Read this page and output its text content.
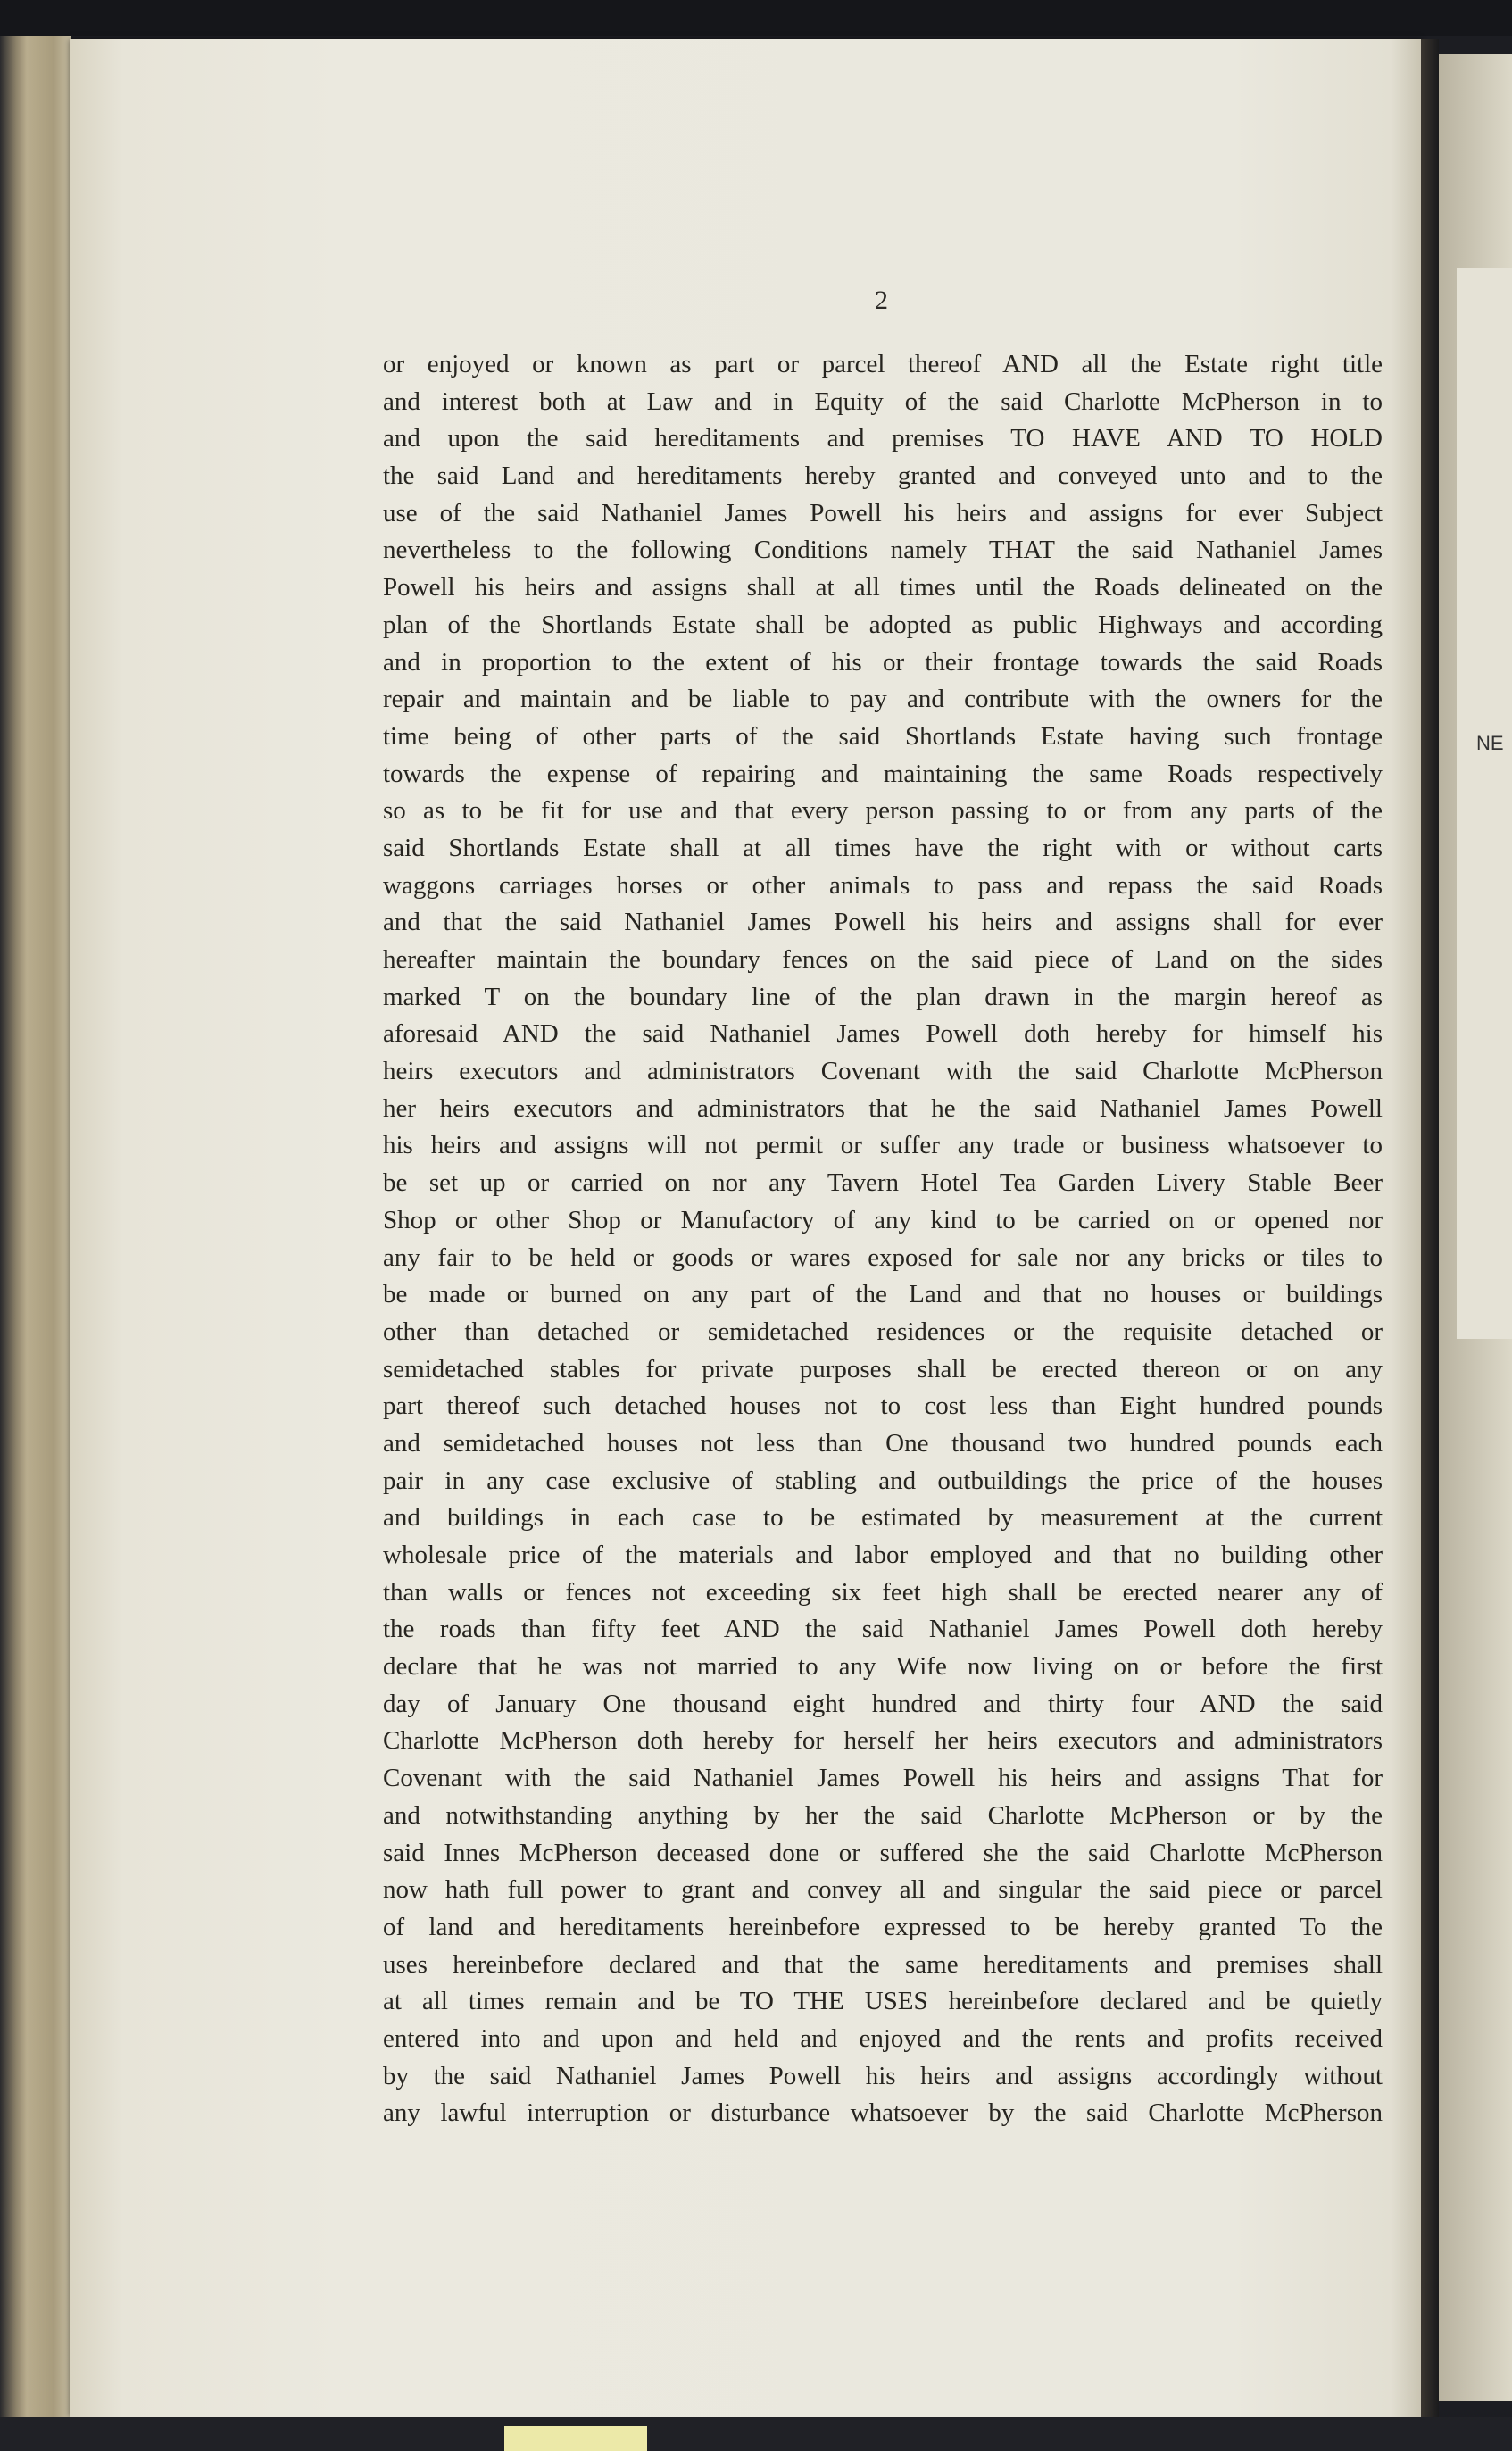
NE
2
or enjoyed or known as part or parcel thereof AND all the Estate right title
and interest both at Law and in Equity of the said Charlotte McPherson in to
and upon the said hereditaments and premises TO HAVE AND TO HOLD
the said Land and hereditaments hereby granted and conveyed unto and to the
use of the said Nathaniel James Powell his heirs and assigns for ever Subject
nevertheless to the following Conditions namely THAT the said Nathaniel James
Powell his heirs and assigns shall at all times until the Roads delineated on the
plan of the Shortlands Estate shall be adopted as public Highways and according
and in proportion to the extent of his or their frontage towards the said Roads
repair and maintain and be liable to pay and contribute with the owners for the
time being of other parts of the said Shortlands Estate having such frontage
towards the expense of repairing and maintaining the same Roads respectively
so as to be fit for use and that every person passing to or from any parts of the
said Shortlands Estate shall at all times have the right with or without carts
waggons carriages horses or other animals to pass and repass the said Roads
and that the said Nathaniel James Powell his heirs and assigns shall for ever
hereafter maintain the boundary fences on the said piece of Land on the sides
marked T on the boundary line of the plan drawn in the margin hereof as
aforesaid AND the said Nathaniel James Powell doth hereby for himself his
heirs executors and administrators Covenant with the said Charlotte McPherson
her heirs executors and administrators that he the said Nathaniel James Powell
his heirs and assigns will not permit or suffer any trade or business whatsoever to
be set up or carried on nor any Tavern Hotel Tea Garden Livery Stable Beer
Shop or other Shop or Manufactory of any kind to be carried on or opened nor
any fair to be held or goods or wares exposed for sale nor any bricks or tiles to
be made or burned on any part of the Land and that no houses or buildings
other than detached or semidetached residences or the requisite detached or
semidetached stables for private purposes shall be erected thereon or on any
part thereof such detached houses not to cost less than Eight hundred pounds
and semidetached houses not less than One thousand two hundred pounds each
pair in any case exclusive of stabling and outbuildings the price of the houses
and buildings in each case to be estimated by measurement at the current
wholesale price of the materials and labor employed and that no building other
than walls or fences not exceeding six feet high shall be erected nearer any of
the roads than fifty feet AND the said Nathaniel James Powell doth hereby
declare that he was not married to any Wife now living on or before the first
day of January One thousand eight hundred and thirty four AND the said
Charlotte McPherson doth hereby for herself her heirs executors and administrators
Covenant with the said Nathaniel James Powell his heirs and assigns That for
and notwithstanding anything by her the said Charlotte McPherson or by the
said Innes McPherson deceased done or suffered she the said Charlotte McPherson
now hath full power to grant and convey all and singular the said piece or parcel
of land and hereditaments hereinbefore expressed to be hereby granted To the
uses hereinbefore declared and that the same hereditaments and premises shall
at all times remain and be TO THE USES hereinbefore declared and be quietly
entered into and upon and held and enjoyed and the rents and profits received
by the said Nathaniel James Powell his heirs and assigns accordingly without
any lawful interruption or disturbance whatsoever by the said Charlotte McPherson
